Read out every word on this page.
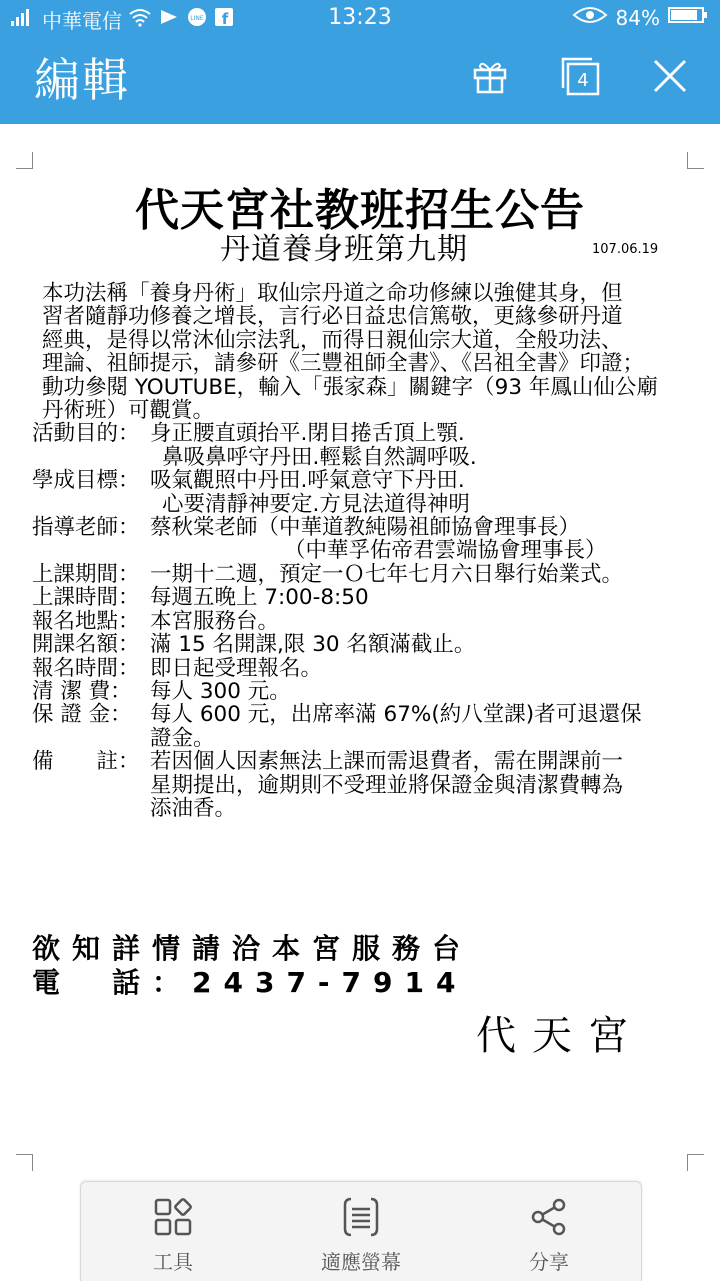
中華電信	LINE f	13:23	84%
編輯	4
代天宮社教班招生公告
丹道養身班第九期	107.06.19
本功法稱「養身丹術」取仙宗丹道之命功修練以強健其身，但
習者隨靜功修養之增長，言行必日益忠信篤敬，更緣參研丹道
經典，是得以常沐仙宗法乳，而得日親仙宗大道，全般功法、
理論、祖師提示，請參研《三豐祖師全書》、《呂祖全書》印證；
動功參閱 YOUTUBE，輸入「張家森」關鍵字（93 年鳳山仙公廟
丹術班）可觀賞。
活動目的： 身正腰直頭抬平.閉目捲舌頂上顎.
鼻吸鼻呼守丹田.輕鬆自然調呼吸.
學成目標： 吸氣觀照中丹田.呼氣意守下丹田.
心要清靜神要定.方見法道得神明
指導老師： 蔡秋棠老師（中華道教純陽祖師協會理事長）
（中華孚佑帝君雲端協會理事長）
上課期間： 一期十二週，預定一Ｏ七年七月六日舉行始業式。
上課時間： 每週五晚上 7:00-8:50
報名地點： 本宮服務台。
開課名額： 滿 15 名開課,限 30 名額滿截止。
報名時間： 即日起受理報名。
清 潔 費： 每人 300 元。
保 證 金： 每人 600 元，出席率滿 67%(約八堂課)者可退還保
證金。
備　　註： 若因個人因素無法上課而需退費者，需在開課前一
星期提出，逾期則不受理並將保證金與清潔費轉為
添油香。
欲知詳情請洽本宮服務台
電　話：2437-7914
代天宮
工具	適應螢幕	分享
